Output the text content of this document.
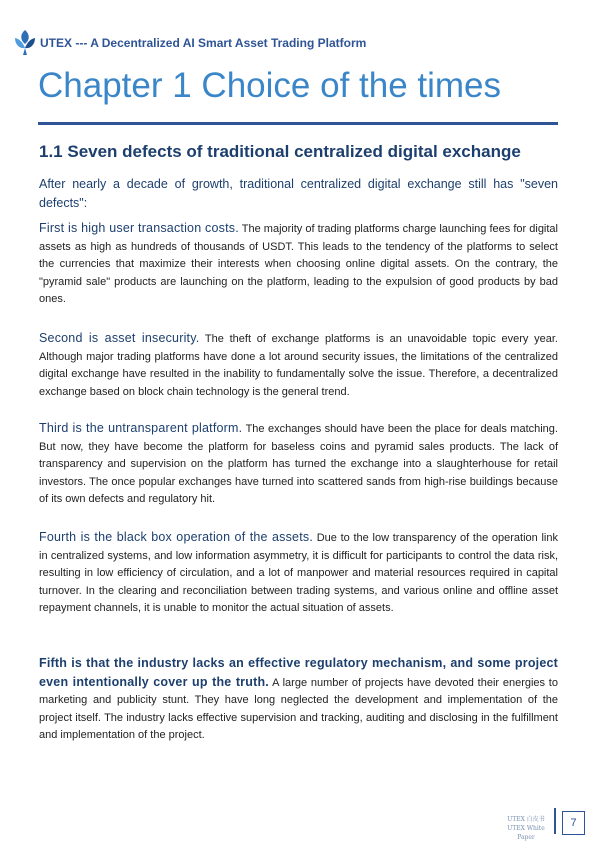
UTEX --- A Decentralized AI Smart Asset Trading Platform
Chapter 1 Choice of the times
1.1 Seven defects of traditional centralized digital exchange
After nearly a decade of growth, traditional centralized digital exchange still has "seven defects":
First is high user transaction costs. The majority of trading platforms charge launching fees for digital assets as high as hundreds of thousands of USDT. This leads to the tendency of the platforms to select the currencies that maximize their interests when choosing online digital assets. On the contrary, the "pyramid sale" products are launching on the platform, leading to the expulsion of good products by bad ones.
Second is asset insecurity. The theft of exchange platforms is an unavoidable topic every year. Although major trading platforms have done a lot around security issues, the limitations of the centralized digital exchange have resulted in the inability to fundamentally solve the issue. Therefore, a decentralized exchange based on block chain technology is the general trend.
Third is the untransparent platform. The exchanges should have been the place for deals matching. But now, they have become the platform for baseless coins and pyramid sales products. The lack of transparency and supervision on the platform has turned the exchange into a slaughterhouse for retail investors. The once popular exchanges have turned into scattered sands from high-rise buildings because of its own defects and regulatory hit.
Fourth is the black box operation of the assets. Due to the low transparency of the operation link in centralized systems, and low information asymmetry, it is difficult for participants to control the data risk, resulting in low efficiency of circulation, and a lot of manpower and material resources required in capital turnover. In the clearing and reconciliation between trading systems, and various online and offline asset repayment channels, it is unable to monitor the actual situation of assets.
Fifth is that the industry lacks an effective regulatory mechanism, and some project even intentionally cover up the truth. A large number of projects have devoted their energies to marketing and publicity stunt. They have long neglected the development and implementation of the project itself. The industry lacks effective supervision and tracking, auditing and disclosing in the fulfillment and implementation of the project.
UTEX 白皮书
UTEX White Paper
7
